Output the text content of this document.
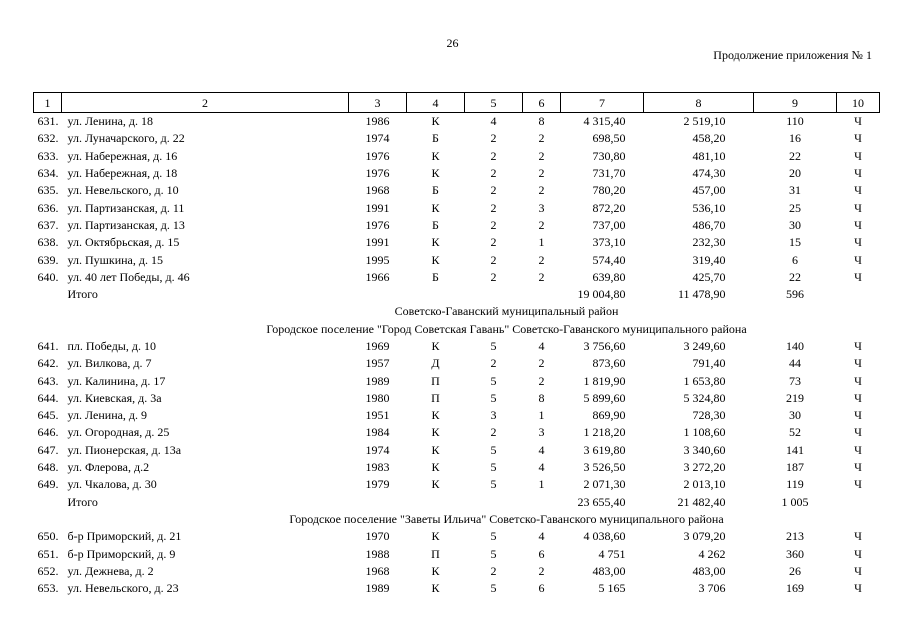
26
Продолжение приложения № 1
1	2	3	4	5	6	7	8	9	10
631.	ул. Ленина, д. 18	1986	К	4	8	4 315,40	2 519,10	110	Ч
632.	ул. Луначарского, д. 22	1974	Б	2	2	698,50	458,20	16	Ч
633.	ул. Набережная, д. 16	1976	К	2	2	730,80	481,10	22	Ч
634.	ул. Набережная, д. 18	1976	К	2	2	731,70	474,30	20	Ч
635.	ул. Невельского, д. 10	1968	Б	2	2	780,20	457,00	31	Ч
636.	ул. Партизанская, д. 11	1991	К	2	3	872,20	536,10	25	Ч
637.	ул. Партизанская, д. 13	1976	Б	2	2	737,00	486,70	30	Ч
638.	ул. Октябрьская, д. 15	1991	К	2	1	373,10	232,30	15	Ч
639.	ул. Пушкина, д. 15	1995	К	2	2	574,40	319,40	6	Ч
640.	ул. 40 лет Победы, д. 46	1966	Б	2	2	639,80	425,70	22	Ч
	Итого					19 004,80	11 478,90	596	
Советско-Гаванский муниципальный район									
Городское поселение "Город Советская Гавань" Советско-Гаванского муниципального района									
641.	пл. Победы, д. 10	1969	К	5	4	3 756,60	3 249,60	140	Ч
642.	ул. Вилкова, д. 7	1957	Д	2	2	873,60	791,40	44	Ч
643.	ул. Калинина, д. 17	1989	П	5	2	1 819,90	1 653,80	73	Ч
644.	ул. Киевская, д. 3а	1980	П	5	8	5 899,60	5 324,80	219	Ч
645.	ул. Ленина, д. 9	1951	К	3	1	869,90	728,30	30	Ч
646.	ул. Огородная, д. 25	1984	К	2	3	1 218,20	1 108,60	52	Ч
647.	ул. Пионерская, д. 13а	1974	К	5	4	3 619,80	3 340,60	141	Ч
648.	ул. Флерова, д.2	1983	К	5	4	3 526,50	3 272,20	187	Ч
649.	ул. Чкалова, д. 30	1979	К	5	1	2 071,30	2 013,10	119	Ч
	Итого					23 655,40	21 482,40	1 005	
Городское поселение "Заветы Ильича" Советско-Гаванского муниципального района									
650.	б-р Приморский, д. 21	1970	К	5	4	4 038,60	3 079,20	213	Ч
651.	б-р Приморский, д. 9	1988	П	5	6	4 751	4 262	360	Ч
652.	ул. Дежнева, д. 2	1968	К	2	2	483,00	483,00	26	Ч
653.	ул. Невельского, д. 23	1989	К	5	6	5 165	3 706	169	Ч
